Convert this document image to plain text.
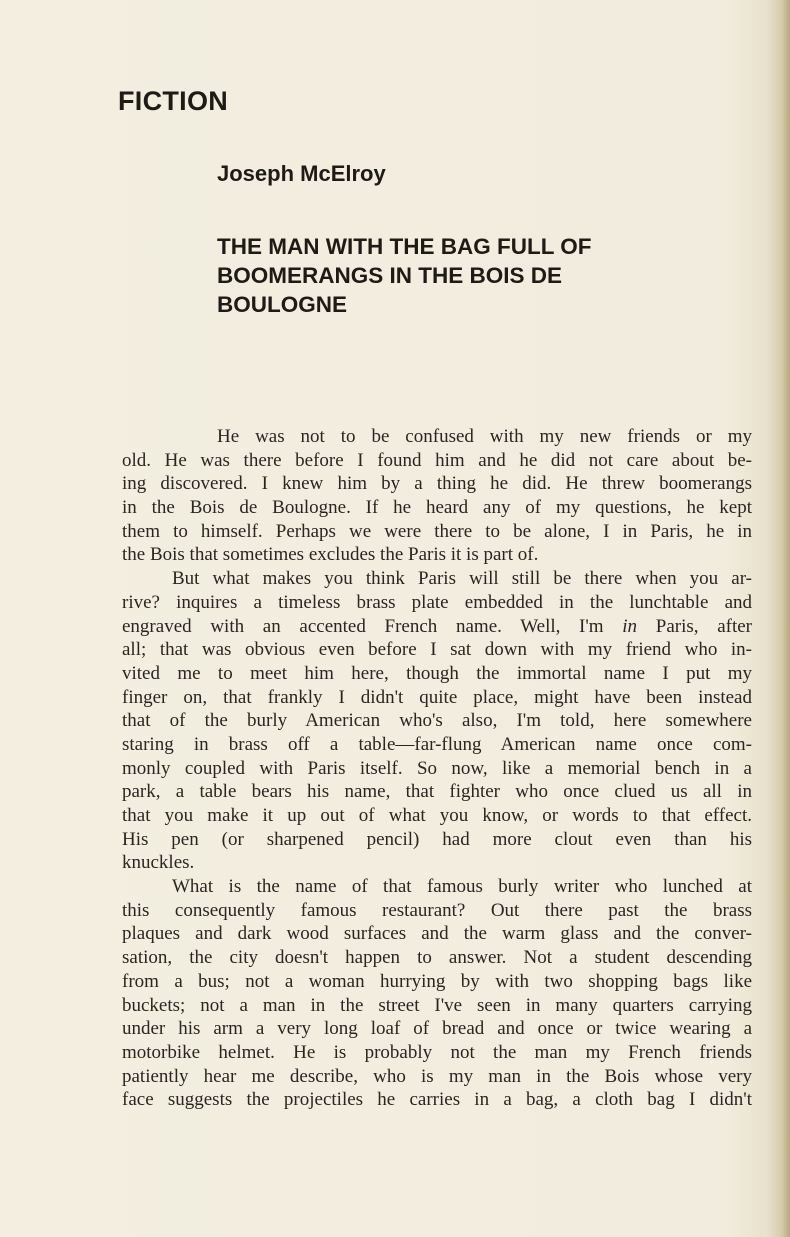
FICTION
Joseph McElroy
THE MAN WITH THE BAG FULL OF
BOOMERANGS IN THE BOIS DE
BOULOGNE
He was not to be confused with my new friends or my
old. He was there before I found him and he did not care about be-
ing discovered. I knew him by a thing he did. He threw boomerangs
in the Bois de Boulogne. If he heard any of my questions, he kept
them to himself. Perhaps we were there to be alone, I in Paris, he in
the Bois that sometimes excludes the Paris it is part of.
But what makes you think Paris will still be there when you ar-
rive? inquires a timeless brass plate embedded in the lunchtable and
engraved with an accented French name. Well, I'm in Paris, after
all; that was obvious even before I sat down with my friend who in-
vited me to meet him here, though the immortal name I put my
finger on, that frankly I didn't quite place, might have been instead
that of the burly American who's also, I'm told, here somewhere
staring in brass off a table—far-flung American name once com-
monly coupled with Paris itself. So now, like a memorial bench in a
park, a table bears his name, that fighter who once clued us all in
that you make it up out of what you know, or words to that effect.
His pen (or sharpened pencil) had more clout even than his
knuckles.
What is the name of that famous burly writer who lunched at
this consequently famous restaurant? Out there past the brass
plaques and dark wood surfaces and the warm glass and the conver-
sation, the city doesn't happen to answer. Not a student descending
from a bus; not a woman hurrying by with two shopping bags like
buckets; not a man in the street I've seen in many quarters carrying
under his arm a very long loaf of bread and once or twice wearing a
motorbike helmet. He is probably not the man my French friends
patiently hear me describe, who is my man in the Bois whose very
face suggests the projectiles he carries in a bag, a cloth bag I didn't
